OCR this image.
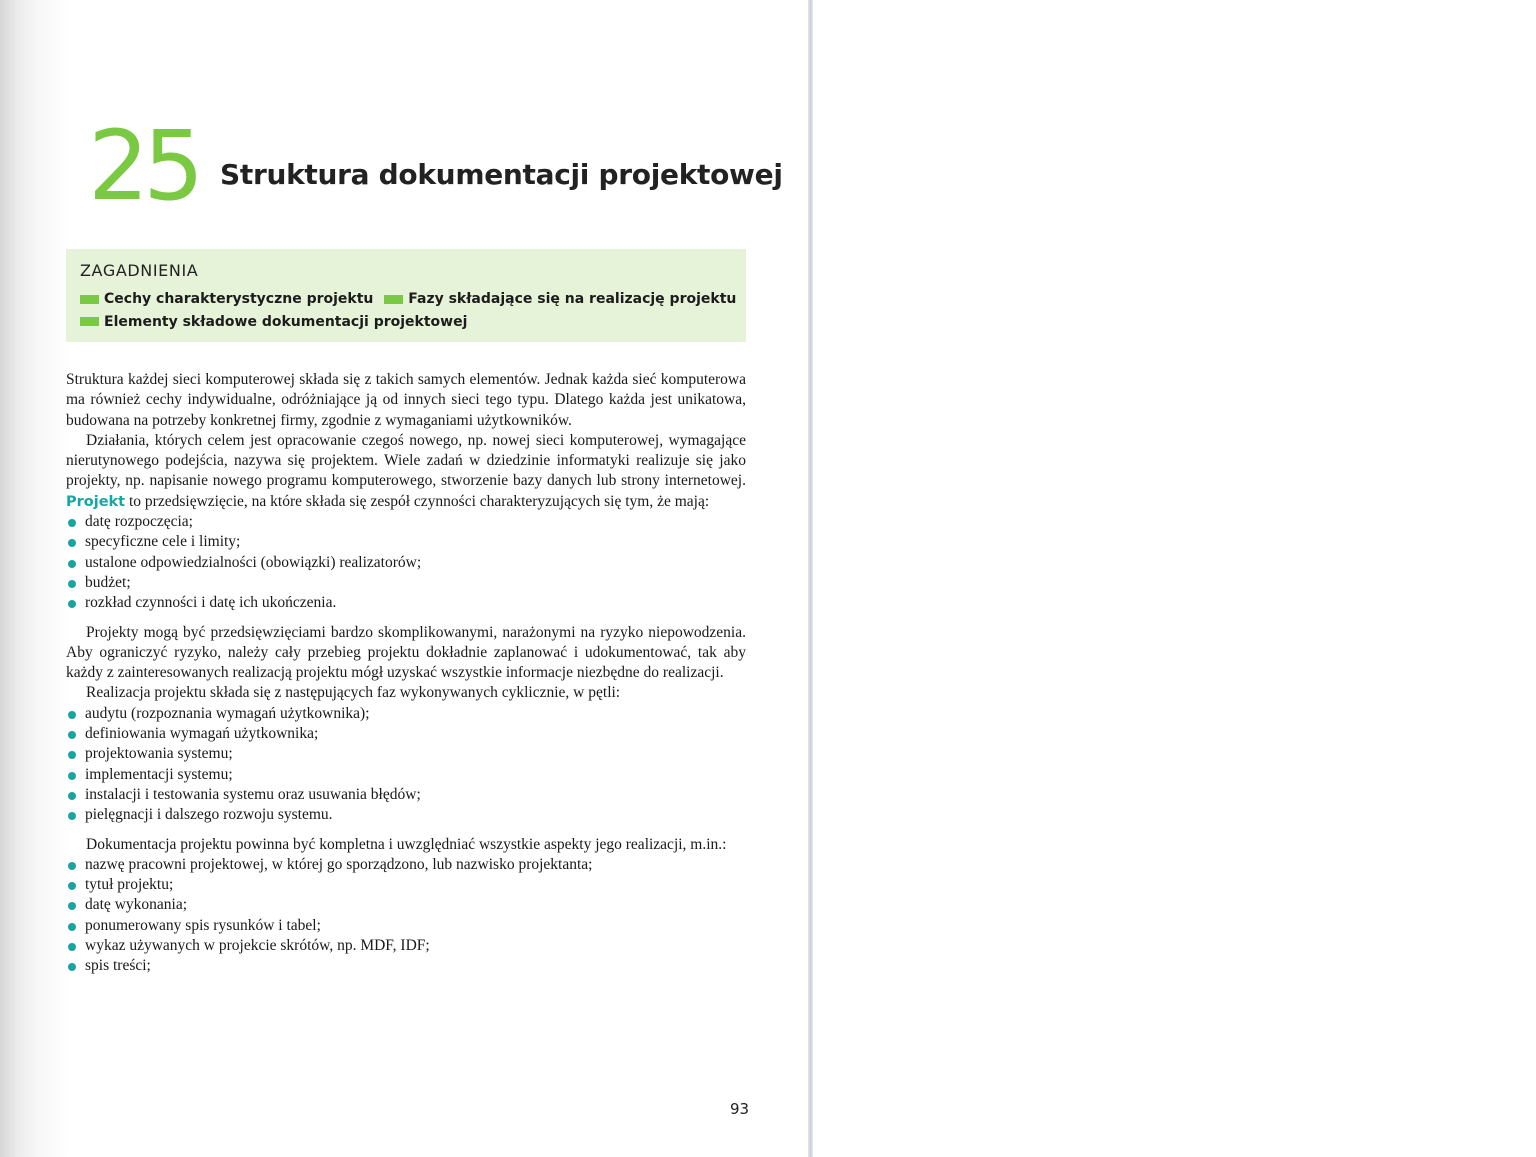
25 Struktura dokumentacji projektowej
ZAGADNIENIA
Cechy charakterystyczne projektu
Fazy składające się na realizację projektu
Elementy składowe dokumentacji projektowej

Struktura każdej sieci komputerowej składa się z takich samych elementów. Jednak każda sieć komputerowa ma również cechy indywidualne, odróżniające ją od innych sieci tego typu. Dlatego każda jest unikatowa, budowana na potrzeby konkretnej firmy, zgodnie z wymaganiami użytkowników.

Działania, których celem jest opracowanie czegoś nowego, np. nowej sieci komputerowej, wymagające nierutynowego podejścia, nazywa się projektem. Wiele zadań w dziedzinie informatyki realizuje się jako projekty, np. napisanie nowego programu komputerowego, stworzenie bazy danych lub strony internetowej. Projekt to przedsięwzięcie, na które składa się zespół czynności charakteryzujących się tym, że mają:

datę rozpoczęcia;
specyficzne cele i limity;
ustalone odpowiedzialności (obowiązki) realizatorów;
budżet;
rozkład czynności i datę ich ukończenia.

Projekty mogą być przedsięwzięciami bardzo skomplikowanymi, narażonymi na ryzyko niepowodzenia. Aby ograniczyć ryzyko, należy cały przebieg projektu dokładnie zaplanować i udokumentować, tak aby każdy z zainteresowanych realizacją projektu mógł uzyskać wszystkie informacje niezbędne do realizacji.

Realizacja projektu składa się z następujących faz wykonywanych cyklicznie, w pętli:

audytu (rozpoznania wymagań użytkownika);
definiowania wymagań użytkownika;
projektowania systemu;
implementacji systemu;
instalacji i testowania systemu oraz usuwania błędów;
pielęgnacji i dalszego rozwoju systemu.

Dokumentacja projektu powinna być kompletna i uwzględniać wszystkie aspekty jego realizacji, m.in.:

nazwę pracowni projektowej, w której go sporządzono, lub nazwisko projektanta;
tytuł projektu;
datę wykonania;
ponumerowany spis rysunków i tabel;
wykaz używanych w projekcie skrótów, np. MDF, IDF;
spis treści;
93
